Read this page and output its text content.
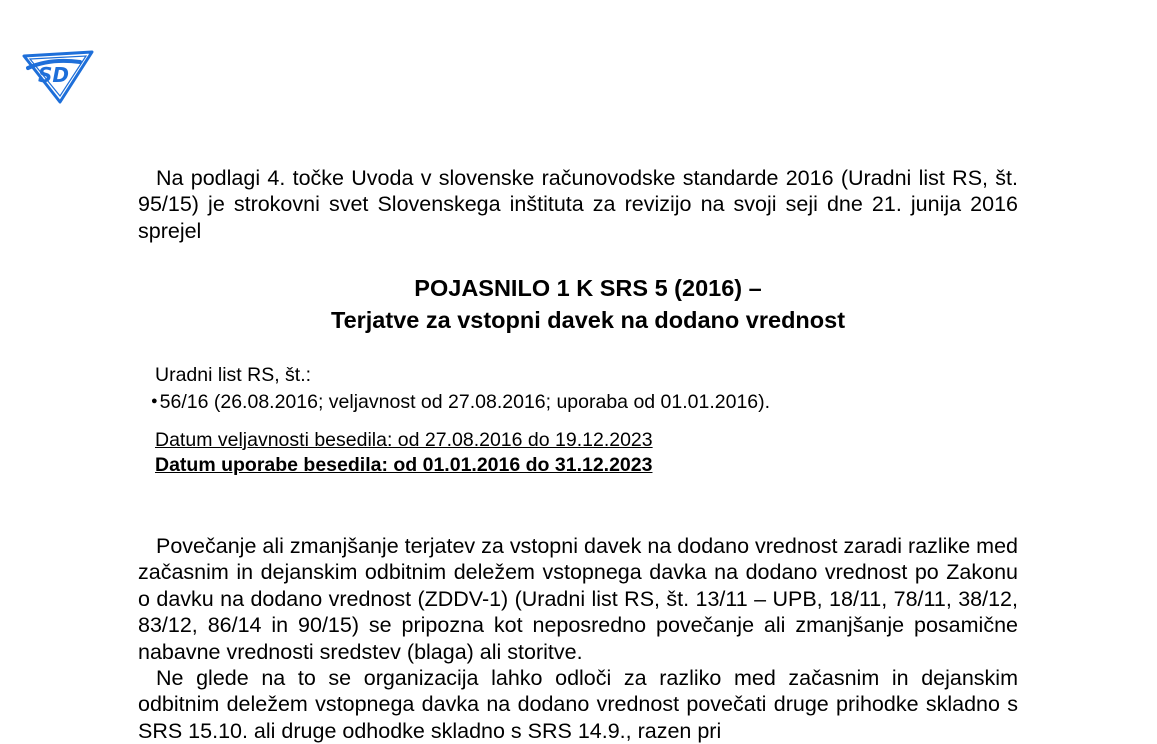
SD

Na podlagi 4. točke Uvoda v slovenske računovodske standarde 2016 (Uradni list RS, št. 95/15) je strokovni svet Slovenskega inštituta za revizijo na svoji seji dne 21. junija 2016 sprejel

POJASNILO 1 K SRS 5 (2016) –
Terjatve za vstopni davek na dodano vrednost
Uradni list RS, št.:
● 56/16 (26.08.2016; veljavnost od 27.08.2016; uporaba od 01.01.2016).
Datum veljavnosti besedila: od 27.08.2016 do 19.12.2023
Datum uporabe besedila: od 01.01.2016 do 31.12.2023

Povečanje ali zmanjšanje terjatev za vstopni davek na dodano vrednost zaradi razlike med začasnim in dejanskim odbitnim deležem vstopnega davka na dodano vrednost po Zakonu o davku na dodano vrednost (ZDDV-1) (Uradni list RS, št. 13/11 – UPB, 18/11, 78/11, 38/12, 83/12, 86/14 in 90/15) se pripozna kot neposredno povečanje ali zmanjšanje posamične nabavne vrednosti sredstev (blaga) ali storitve.

Ne glede na to se organizacija lahko odloči za razliko med začasnim in dejanskim odbitnim deležem vstopnega davka na dodano vrednost povečati druge prihodke skladno s SRS 15.10. ali druge odhodke skladno s SRS 14.9., razen pri
